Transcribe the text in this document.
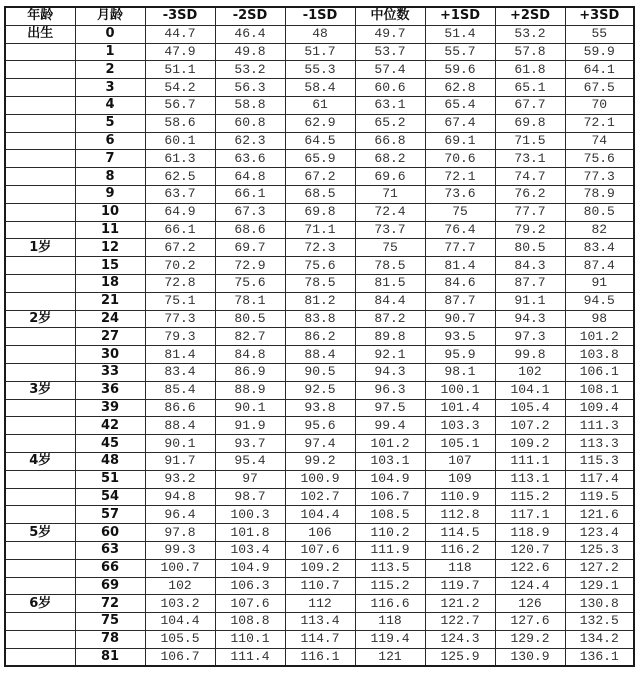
年龄	月龄	-3SD	-2SD	-1SD	中位数	+1SD	+2SD	+3SD
出生	0	44.7	46.4	48	49.7	51.4	53.2	55
	1	47.9	49.8	51.7	53.7	55.7	57.8	59.9
	2	51.1	53.2	55.3	57.4	59.6	61.8	64.1
	3	54.2	56.3	58.4	60.6	62.8	65.1	67.5
	4	56.7	58.8	61	63.1	65.4	67.7	70
	5	58.6	60.8	62.9	65.2	67.4	69.8	72.1
	6	60.1	62.3	64.5	66.8	69.1	71.5	74
	7	61.3	63.6	65.9	68.2	70.6	73.1	75.6
	8	62.5	64.8	67.2	69.6	72.1	74.7	77.3
	9	63.7	66.1	68.5	71	73.6	76.2	78.9
	10	64.9	67.3	69.8	72.4	75	77.7	80.5
	11	66.1	68.6	71.1	73.7	76.4	79.2	82
1岁	12	67.2	69.7	72.3	75	77.7	80.5	83.4
	15	70.2	72.9	75.6	78.5	81.4	84.3	87.4
	18	72.8	75.6	78.5	81.5	84.6	87.7	91
	21	75.1	78.1	81.2	84.4	87.7	91.1	94.5
2岁	24	77.3	80.5	83.8	87.2	90.7	94.3	98
	27	79.3	82.7	86.2	89.8	93.5	97.3	101.2
	30	81.4	84.8	88.4	92.1	95.9	99.8	103.8
	33	83.4	86.9	90.5	94.3	98.1	102	106.1
3岁	36	85.4	88.9	92.5	96.3	100.1	104.1	108.1
	39	86.6	90.1	93.8	97.5	101.4	105.4	109.4
	42	88.4	91.9	95.6	99.4	103.3	107.2	111.3
	45	90.1	93.7	97.4	101.2	105.1	109.2	113.3
4岁	48	91.7	95.4	99.2	103.1	107	111.1	115.3
	51	93.2	97	100.9	104.9	109	113.1	117.4
	54	94.8	98.7	102.7	106.7	110.9	115.2	119.5
	57	96.4	100.3	104.4	108.5	112.8	117.1	121.6
5岁	60	97.8	101.8	106	110.2	114.5	118.9	123.4
	63	99.3	103.4	107.6	111.9	116.2	120.7	125.3
	66	100.7	104.9	109.2	113.5	118	122.6	127.2
	69	102	106.3	110.7	115.2	119.7	124.4	129.1
6岁	72	103.2	107.6	112	116.6	121.2	126	130.8
	75	104.4	108.8	113.4	118	122.7	127.6	132.5
	78	105.5	110.1	114.7	119.4	124.3	129.2	134.2
	81	106.7	111.4	116.1	121	125.9	130.9	136.1
